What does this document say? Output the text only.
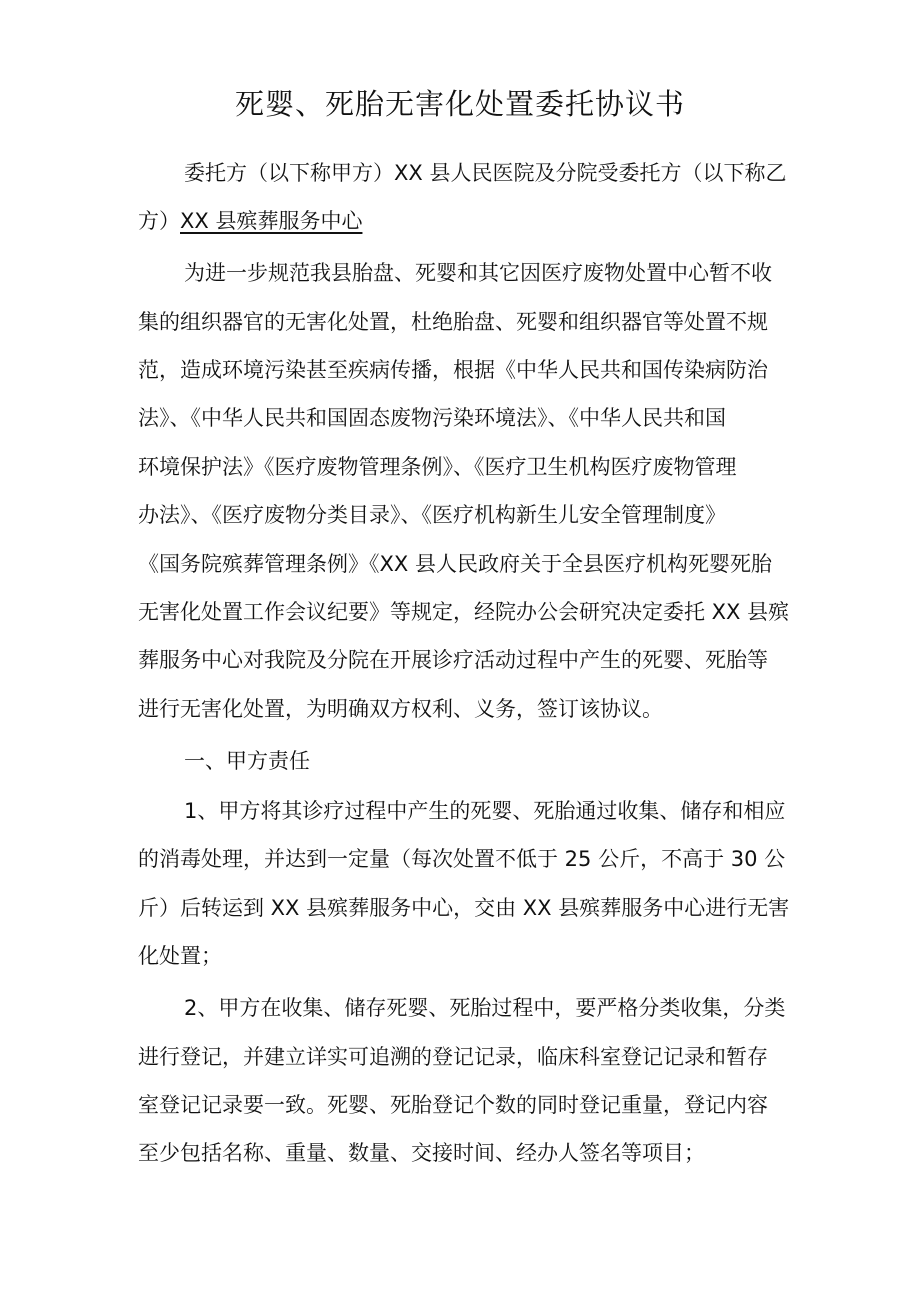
死婴、死胎无害化处置委托协议书
委托方（以下称甲方）XX 县人民医院及分院受委托方（以下称乙
方）XX 县殡葬服务中心
为进一步规范我县胎盘、死婴和其它因医疗废物处置中心暂不收
集的组织器官的无害化处置，杜绝胎盘、死婴和组织器官等处置不规
范，造成环境污染甚至疾病传播，根据《中华人民共和国传染病防治
法》、《中华人民共和国固态废物污染环境法》、《中华人民共和国
环境保护法》《医疗废物管理条例》、《医疗卫生机构医疗废物管理
办法》、《医疗废物分类目录》、《医疗机构新生儿安全管理制度》
《国务院殡葬管理条例》《XX 县人民政府关于全县医疗机构死婴死胎
无害化处置工作会议纪要》等规定，经院办公会研究决定委托 XX 县殡
葬服务中心对我院及分院在开展诊疗活动过程中产生的死婴、死胎等
进行无害化处置，为明确双方权利、义务，签订该协议。
一、甲方责任
1、甲方将其诊疗过程中产生的死婴、死胎通过收集、储存和相应
的消毒处理，并达到一定量（每次处置不低于 25 公斤，不高于 30 公
斤）后转运到 XX 县殡葬服务中心，交由 XX 县殡葬服务中心进行无害
化处置；
2、甲方在收集、储存死婴、死胎过程中，要严格分类收集，分类
进行登记，并建立详实可追溯的登记记录，临床科室登记记录和暂存
室登记记录要一致。死婴、死胎登记个数的同时登记重量，登记内容
至少包括名称、重量、数量、交接时间、经办人签名等项目；
